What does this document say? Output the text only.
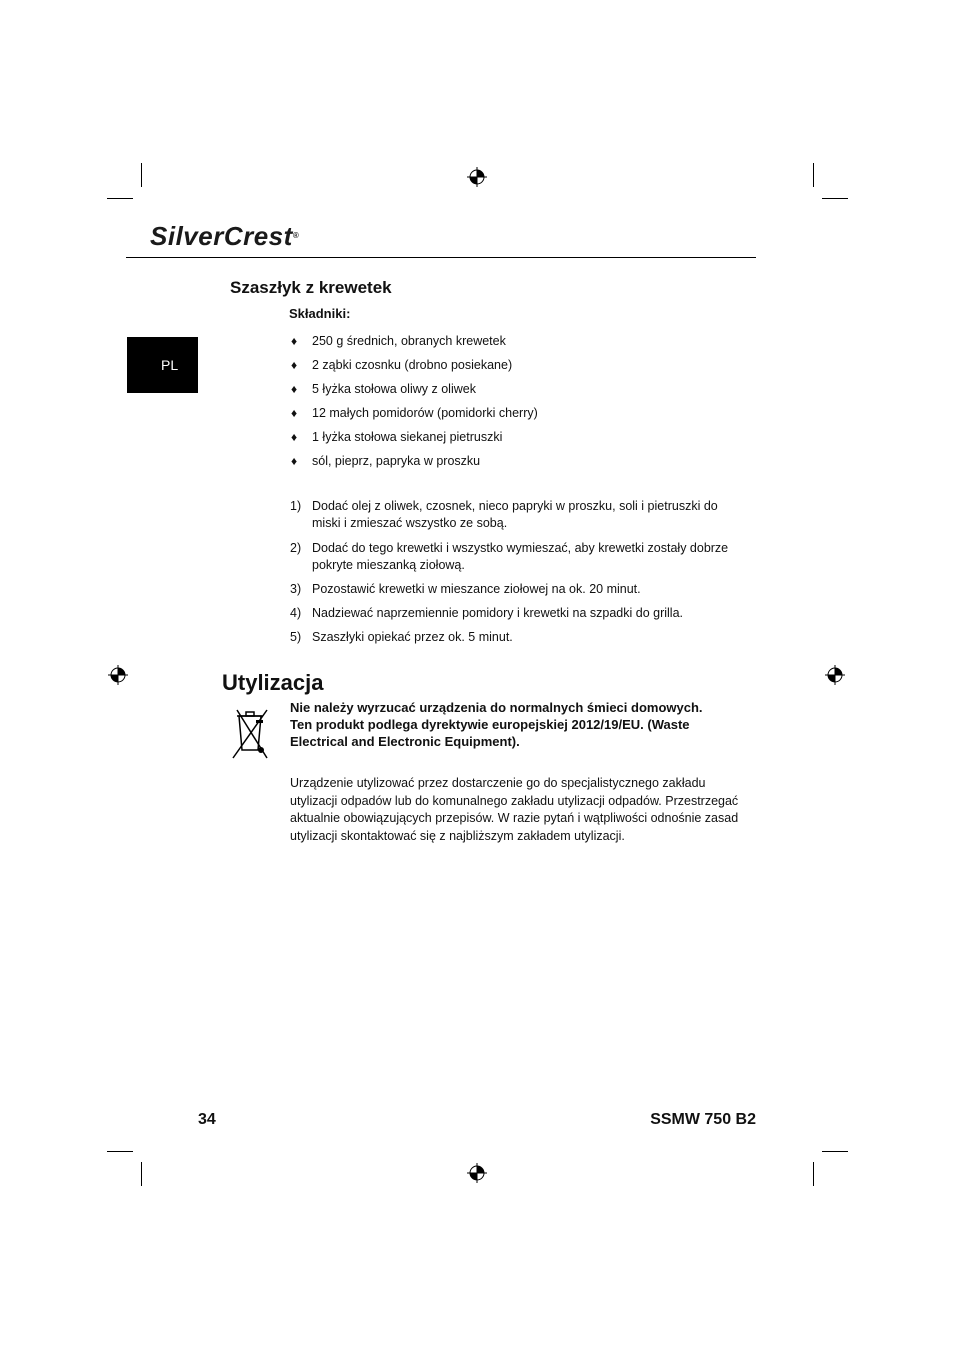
SilverCrest®
PL
Szaszłyk z krewetek
Składniki:
♦ 250 g średnich, obranych krewetek
♦ 2 ząbki czosnku (drobno posiekane)
♦ 5 łyżka stołowa oliwy z oliwek
♦ 12 małych pomidorów (pomidorki cherry)
♦ 1 łyżka stołowa siekanej pietruszki
♦ sól, pieprz, papryka w proszku
1) Dodać olej z oliwek, czosnek, nieco papryki w proszku, soli i pietruszki do miski i zmieszać wszystko ze sobą.
2) Dodać do tego krewetki i wszystko wymieszać, aby krewetki zostały dobrze pokryte mieszanką ziołową.
3) Pozostawić krewetki w mieszance ziołowej na ok. 20 minut.
4) Nadziewać naprzemiennie pomidory i krewetki na szpadki do grilla.
5) Szaszłyki opiekać przez ok. 5 minut.
Utylizacja

Nie należy wyrzucać urządzenia do normalnych śmieci domowych.

Ten produkt podlega dyrektywie europejskiej 2012/19/EU. (Waste Electrical and Electronic Equipment).

Urządzenie utylizować przez dostarczenie go do specjalistycznego zakładu utylizacji odpadów lub do komunalnego zakładu utylizacji odpadów. Przestrzegać aktualnie obowiązujących przepisów. W razie pytań i wątpliwości odnośnie zasad utylizacji skontaktować się z najbliższym zakładem utylizacji.
34	SSMW 750 B2
